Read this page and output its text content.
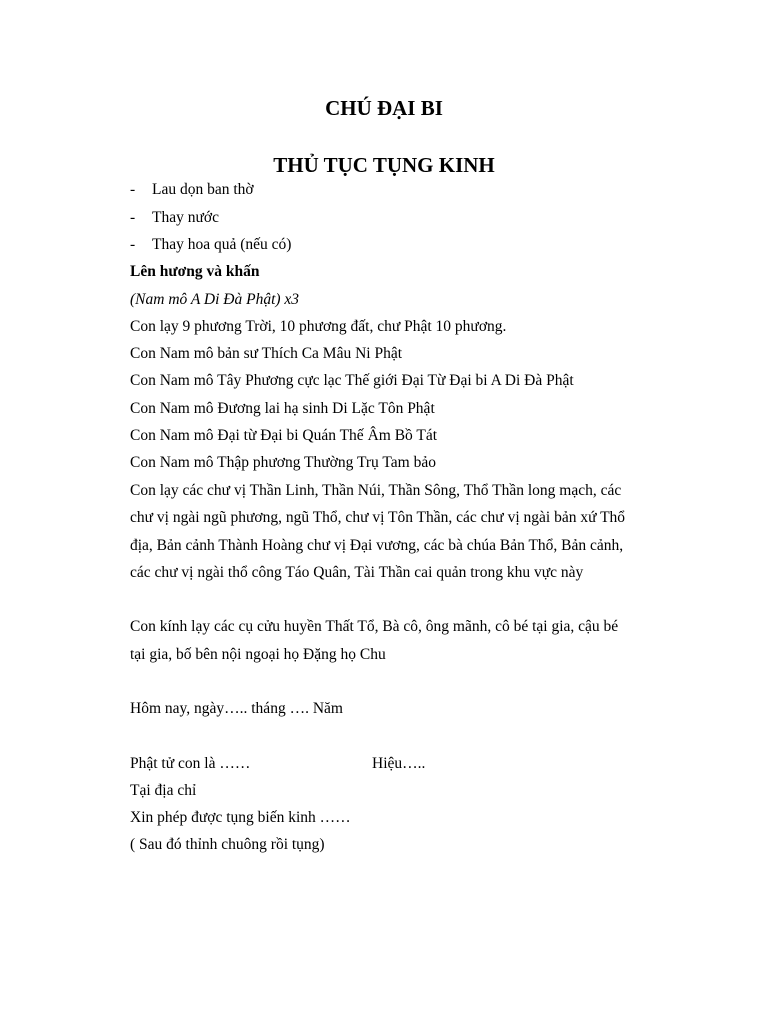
CHÚ ĐẠI BI
THỦ TỤC TỤNG KINH
- Lau dọn ban thờ
- Thay nước
- Thay hoa quả (nếu có)
Lên hương và khấn
(Nam mô A Di Đà Phật) x3
Con lạy 9 phương Trời, 10 phương đất, chư Phật 10 phương.
Con Nam mô bản sư Thích Ca Mâu Ni Phật
Con Nam mô Tây Phương cực lạc Thế giới Đại Từ Đại bi A Di Đà Phật
Con Nam mô Đương lai hạ sinh Di Lặc Tôn Phật
Con Nam mô Đại từ Đại bi Quán Thế Âm Bồ Tát
Con Nam mô Thập phương Thường Trụ Tam bảo
Con lạy các chư vị Thần Linh, Thần Núi, Thần Sông, Thổ Thần long mạch, các
chư vị ngài ngũ phương, ngũ Thổ, chư vị Tôn Thần, các chư vị ngài bản xứ Thổ
địa, Bản cảnh Thành Hoàng chư vị Đại vương, các bà chúa Bản Thổ, Bản cảnh,
các chư vị ngài thổ công Táo Quân, Tài Thần cai quản trong khu vực này
Con kính lạy các cụ cửu huyền Thất Tổ, Bà cô, ông mãnh, cô bé tại gia, cậu bé
tại gia, bố bên nội ngoại họ Đặng họ Chu
Hôm nay, ngày….. tháng …. Năm
Phật tử con là ……	Hiệu…..
Tại địa chỉ
Xin phép được tụng biến kinh ……
( Sau đó thỉnh chuông rồi tụng)
